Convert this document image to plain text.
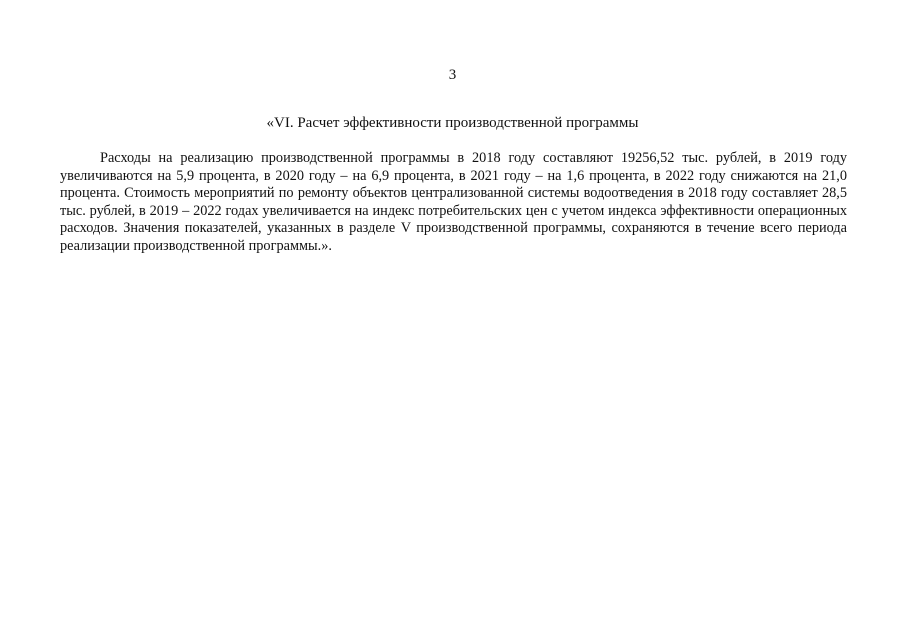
3
«VI. Расчет эффективности производственной программы

Расходы на реализацию производственной программы в 2018 году составляют 19256,52 тыс. рублей, в 2019 году увеличиваются на 5,9 процента, в 2020 году – на 6,9 процента, в 2021 году – на 1,6 процента, в 2022 году снижаются на 21,0 процента. Стоимость мероприятий по ремонту объектов централизованной системы водоотведения в 2018 году составляет 28,5 тыс. рублей, в 2019 – 2022 годах увеличивается на индекс потребительских цен с учетом индекса эффективности операционных расходов. Значения показателей, указанных в разделе V производственной программы, сохраняются в течение всего периода реализации производственной программы.».
